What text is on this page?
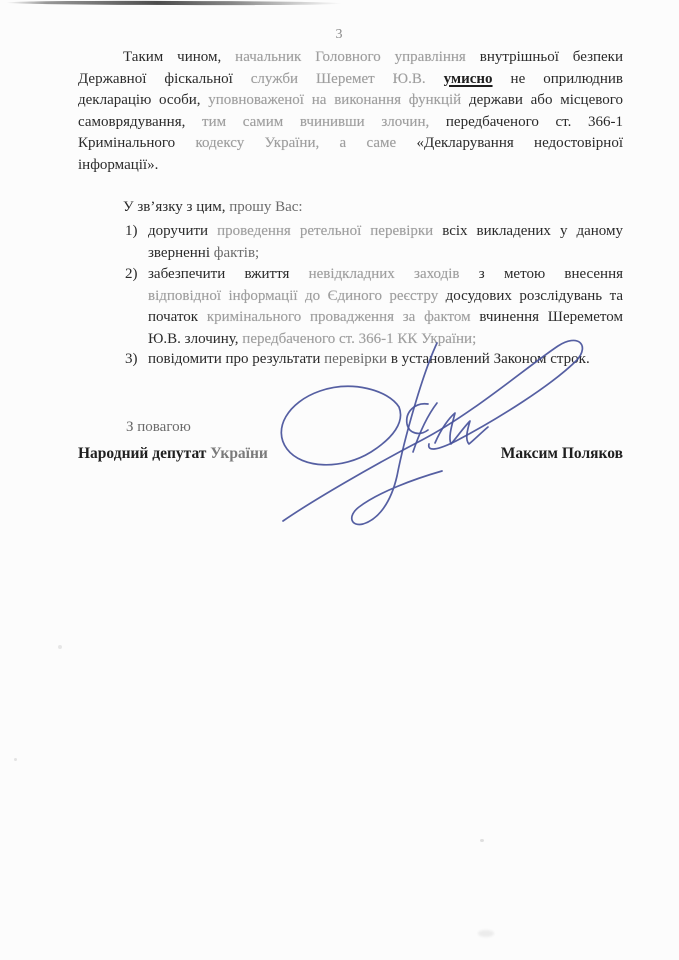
3
Таким чином, начальник Головного управління внутрішньої безпеки
Державної фіскальної служби Шеремет Ю.В. умисно не оприлюднив
декларацію особи, уповноваженої на виконання функцій держави або місцевого
самоврядування, тим самим вчинивши злочин, передбаченого ст. 366-1
Кримінального кодексу України, а саме «Декларування недостовірної
інформації».
У зв’язку з цим, прошу Вас:
1) доручити проведення ретельної перевірки всіх викладених у даному
зверненні фактів;
2) забезпечити вжиття невідкладних заходів з метою внесення
відповідної інформації до Єдиного реєстру досудових розслідувань та
початок кримінального провадження за фактом вчинення Шереметом
Ю.В. злочину, передбаченого ст. 366-1 КК України;
3) повідомити про результати перевірки в установлений Законом строк.
З повагою
Народний депутат України	Максим Поляков
